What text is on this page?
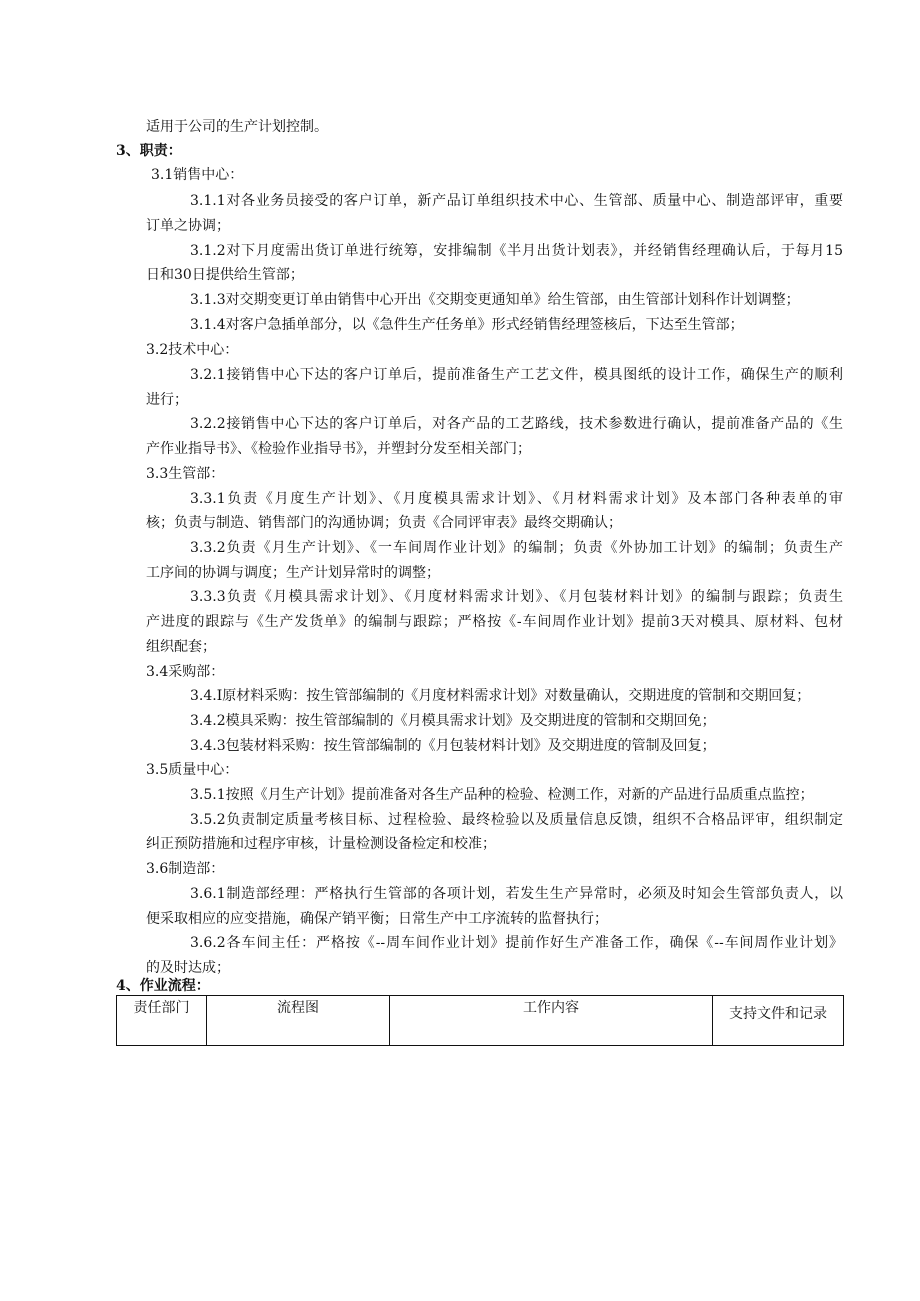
适用于公司的生产计划控制。
3、职责：
3.1销售中心：
3.1.1对各业务员接受的客户订单，新产品订单组织技术中心、生管部、质量中心、制造部评审，重要
订单之协调；
3.1.2对下月度需出货订单进行统筹，安排编制《半月出货计划表》，并经销售经理确认后，于每月15
日和30日提供给生管部；
3.1.3对交期变更订单由销售中心开出《交期变更通知单》给生管部，由生管部计划科作计划调整；
3.1.4对客户急插单部分，以《急件生产任务单》形式经销售经理签核后，下达至生管部；
3.2技术中心：
3.2.1接销售中心下达的客户订单后，提前准备生产工艺文件，模具图纸的设计工作，确保生产的顺利
进行；
3.2.2接销售中心下达的客户订单后，对各产品的工艺路线，技术参数进行确认，提前准备产品的《生
产作业指导书》、《检验作业指导书》，并塑封分发至相关部门；
3.3生管部：
3.3.1负责《月度生产计划》、《月度模具需求计划》、《月材料需求计划》及本部门各种表单的审
核；负责与制造、销售部门的沟通协调；负责《合同评审表》最终交期确认；
3.3.2负责《月生产计划》、《一车间周作业计划》的编制；负责《外协加工计划》的编制；负责生产
工序间的协调与调度；生产计划异常时的调整；
3.3.3负责《月模具需求计划》、《月度材料需求计划》、《月包装材料计划》的编制与跟踪；负责生
产进度的跟踪与《生产发货单》的编制与跟踪；严格按《-车间周作业计划》提前3天对模具、原材料、包材
组织配套；
3.4采购部：
3.4.I原材料采购：按生管部编制的《月度材料需求计划》对数量确认，交期进度的管制和交期回复；
3.4.2模具采购：按生管部编制的《月模具需求计划》及交期进度的管制和交期回免；
3.4.3包装材料采购：按生管部编制的《月包装材料计划》及交期进度的管制及回复；
3.5质量中心：
3.5.1按照《月生产计划》提前准备对各生产品种的检验、检测工作，对新的产品进行品质重点监控；
3.5.2负责制定质量考核目标、过程检验、最终检验以及质量信息反馈，组织不合格品评审，组织制定
纠正预防措施和过程序审核，计量检测设备检定和校准；
3.6制造部：
3.6.1制造部经理：严格执行生管部的各项计划，若发生生产异常时，必须及时知会生管部负责人，以
便采取相应的应变措施，确保产销平衡；日常生产中工序流转的监督执行；
3.6.2各车间主任：严格按《--周车间作业计划》提前作好生产准备工作，确保《--车间周作业计划》
的及时达成；
4、作业流程：
责任部门	流程图	工作内容	支持文件和记录
